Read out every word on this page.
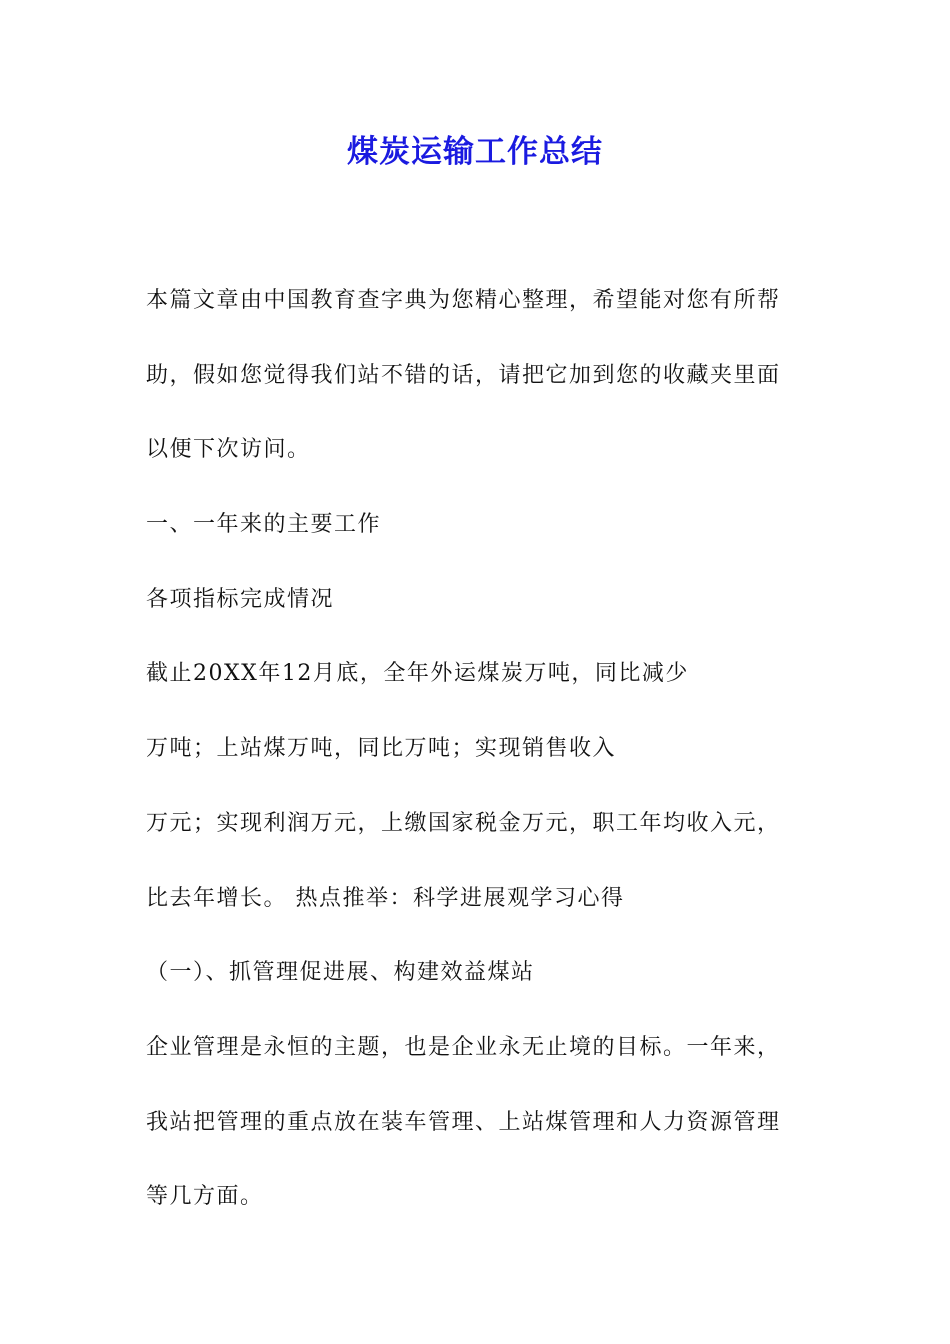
煤炭运输工作总结
本篇文章由中国教育查字典为您精心整理，希望能对您有所帮
助，假如您觉得我们站不错的话，请把它加到您的收藏夹里面
以便下次访问。
一、一年来的主要工作
各项指标完成情况
截止20XX年12月底，全年外运煤炭万吨，同比减少
万吨；上站煤万吨，同比万吨；实现销售收入
万元；实现利润万元，上缴国家税金万元，职工年均收入元，
比去年增长。 热点推举：科学进展观学习心得
（一）、抓管理促进展、构建效益煤站
企业管理是永恒的主题，也是企业永无止境的目标。一年来，
我站把管理的重点放在装车管理、上站煤管理和人力资源管理
等几方面。
